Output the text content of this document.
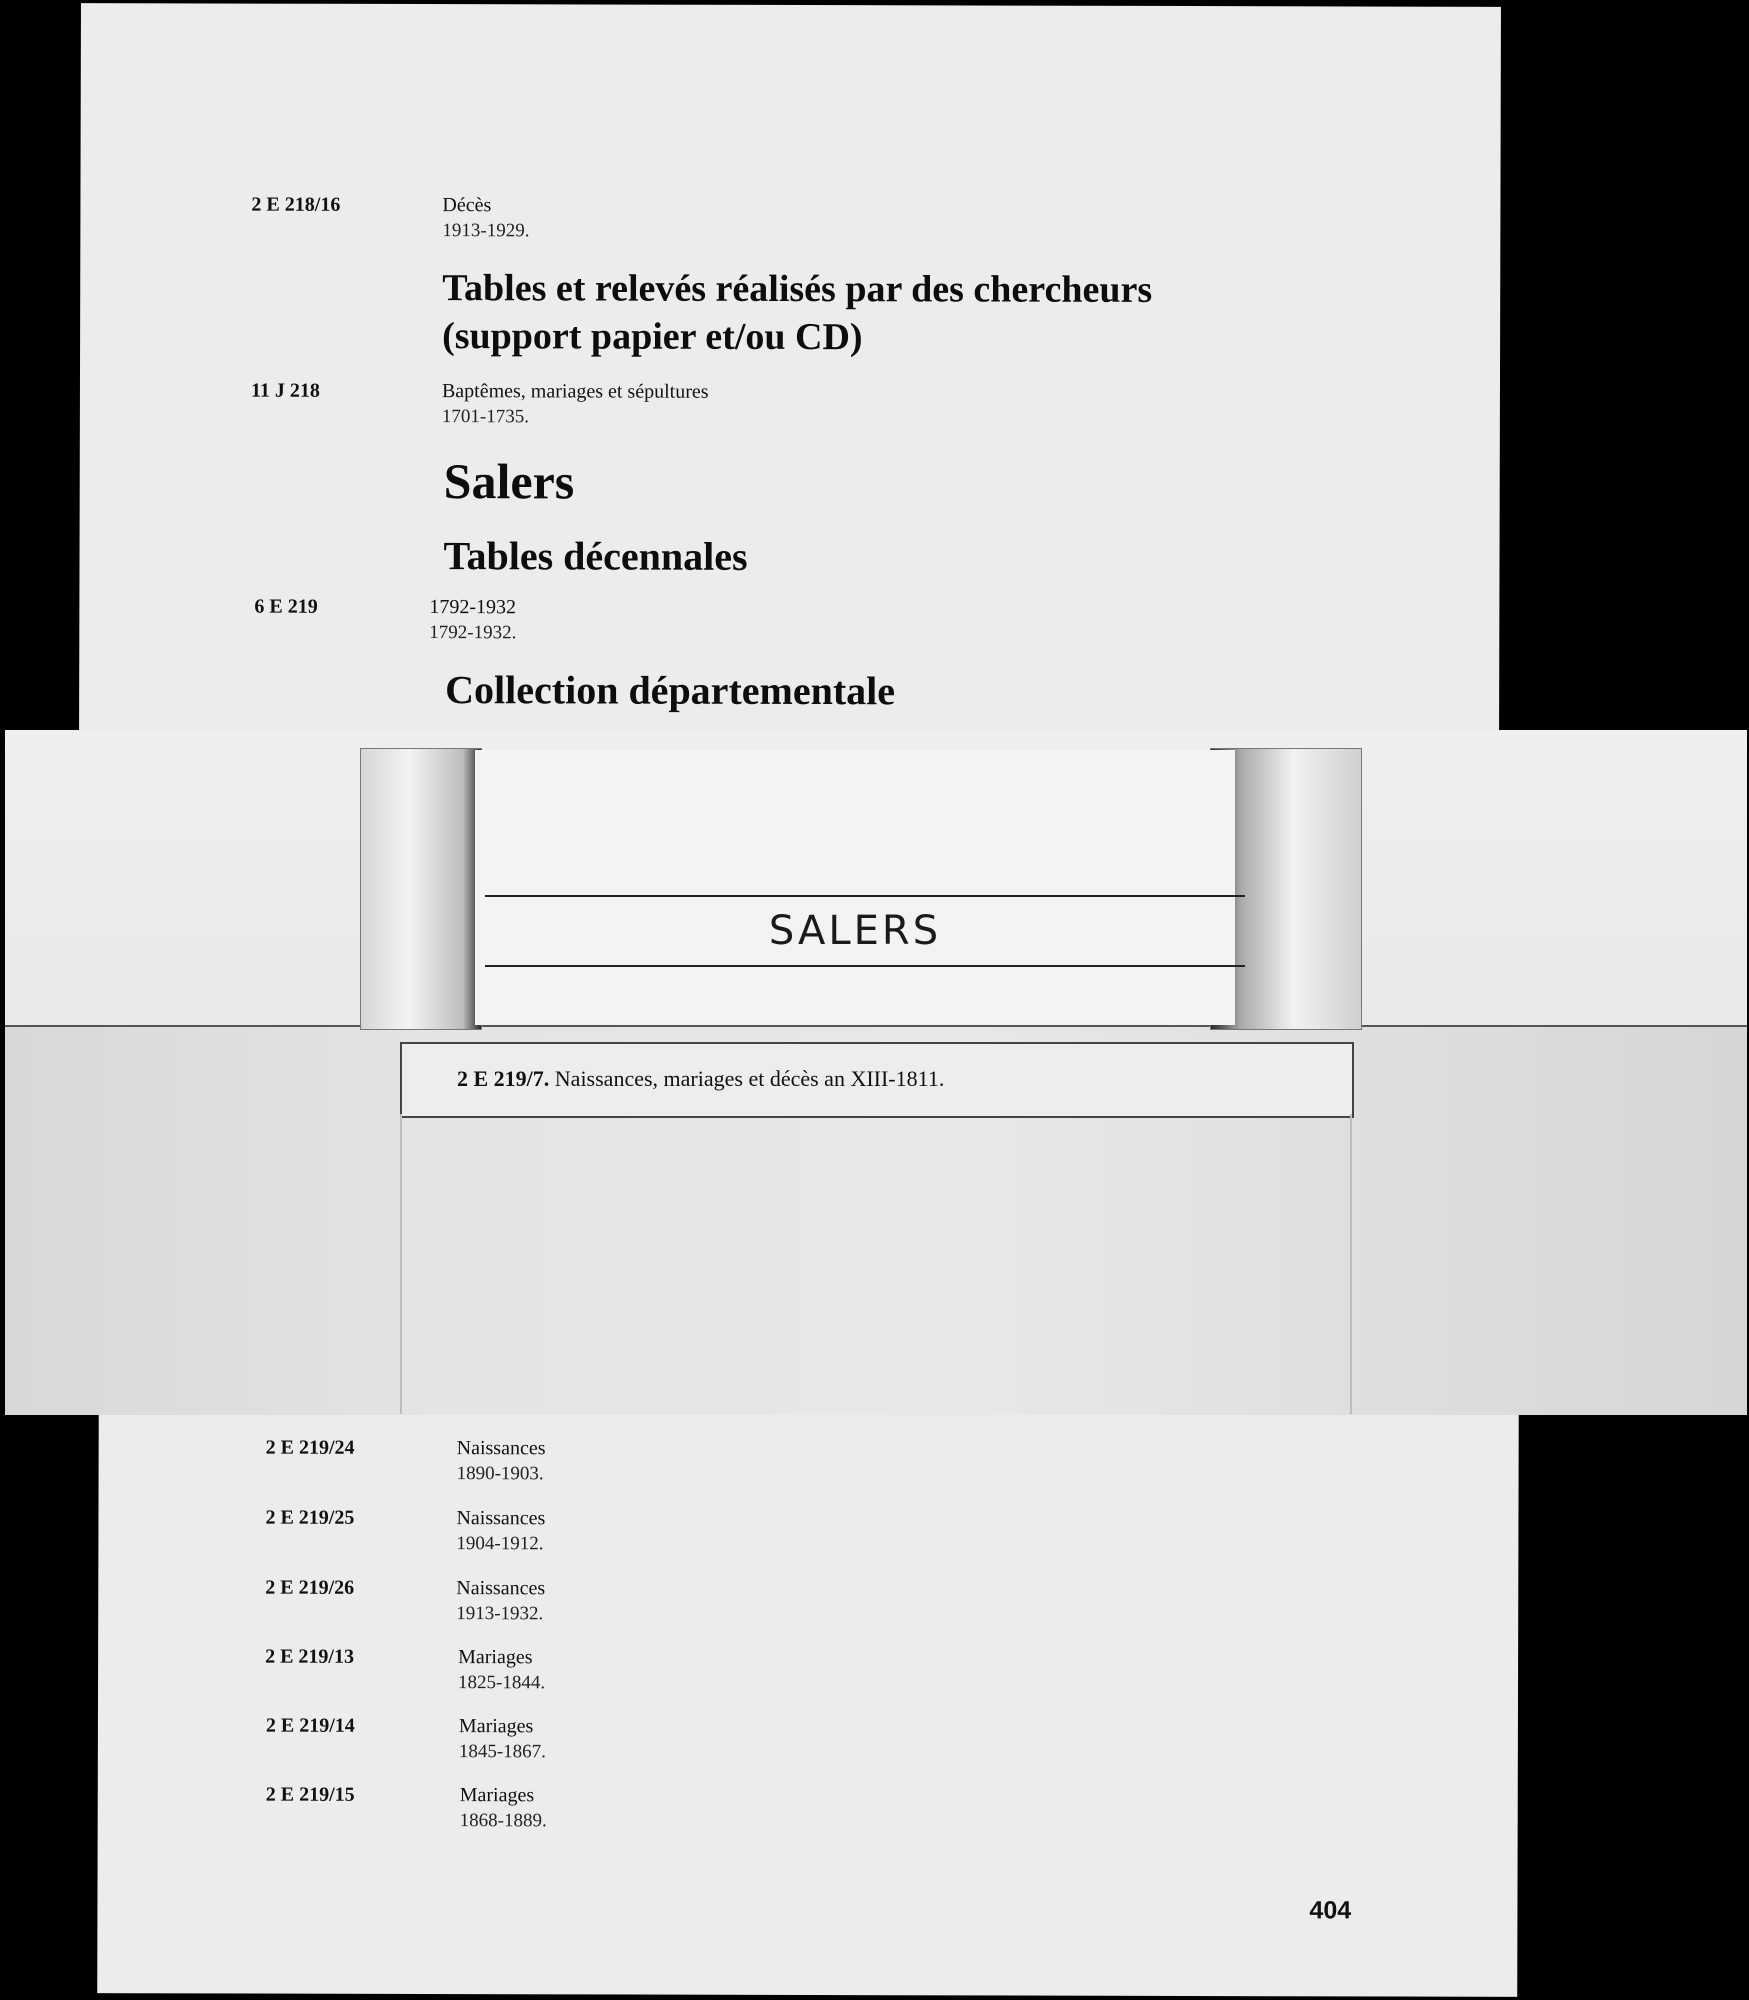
2 E 218/16	Décès
1913-1929.
Tables et relevés réalisés par des chercheurs
(support papier et/ou CD)
11 J 218	Baptêmes, mariages et sépultures
1701-1735.
Salers
Tables décennales
6 E 219	1792-1932
1792-1932.
Collection départementale
2 E 219/24	Naissances
1890-1903.
2 E 219/25	Naissances
1904-1912.
2 E 219/26	Naissances
1913-1932.
2 E 219/13	Mariages
1825-1844.
2 E 219/14	Mariages
1845-1867.
2 E 219/15	Mariages
1868-1889.
404
SALERS
2 E 219/7. Naissances, mariages et décès an XIII-1811.
